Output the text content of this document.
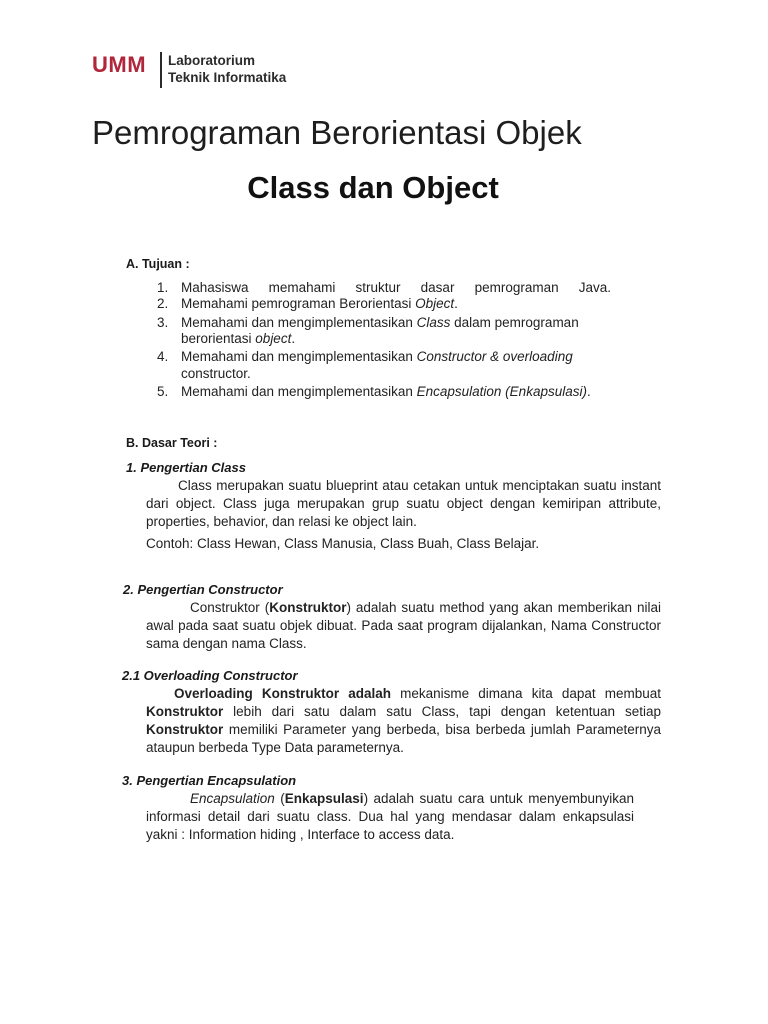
UMM Laboratorium
Teknik Informatika
Pemrograman Berorientasi Objek
Class dan Object
A. Tujuan :
1. Mahasiswa memahami struktur dasar pemrograman Java.
2. Memahami pemrograman Berorientasi Object.
3. Memahami dan mengimplementasikan Class dalam pemrograman
berorientasi object.
4. Memahami dan mengimplementasikan Constructor & overloading
constructor.
5. Memahami dan mengimplementasikan Encapsulation (Enkapsulasi).
B. Dasar Teori :
1. Pengertian Class
Class merupakan suatu blueprint atau cetakan untuk menciptakan suatu instant dari object. Class juga merupakan grup suatu object dengan kemiripan attribute, properties, behavior, dan relasi ke object lain.
Contoh: Class Hewan, Class Manusia, Class Buah, Class Belajar.
2. Pengertian Constructor
Construktor (Konstruktor) adalah suatu method yang akan memberikan nilai awal pada saat suatu objek dibuat. Pada saat program dijalankan, Nama Constructor sama dengan nama Class.
2.1 Overloading Constructor
Overloading Konstruktor adalah mekanisme dimana kita dapat membuat Konstruktor lebih dari satu dalam satu Class, tapi dengan ketentuan setiap Konstruktor memiliki Parameter yang berbeda, bisa berbeda jumlah Parameternya ataupun berbeda Type Data parameternya.
3. Pengertian Encapsulation
Encapsulation (Enkapsulasi) adalah suatu cara untuk menyembunyikan informasi detail dari suatu class. Dua hal yang mendasar dalam enkapsulasi yakni : Information hiding , Interface to access data.
